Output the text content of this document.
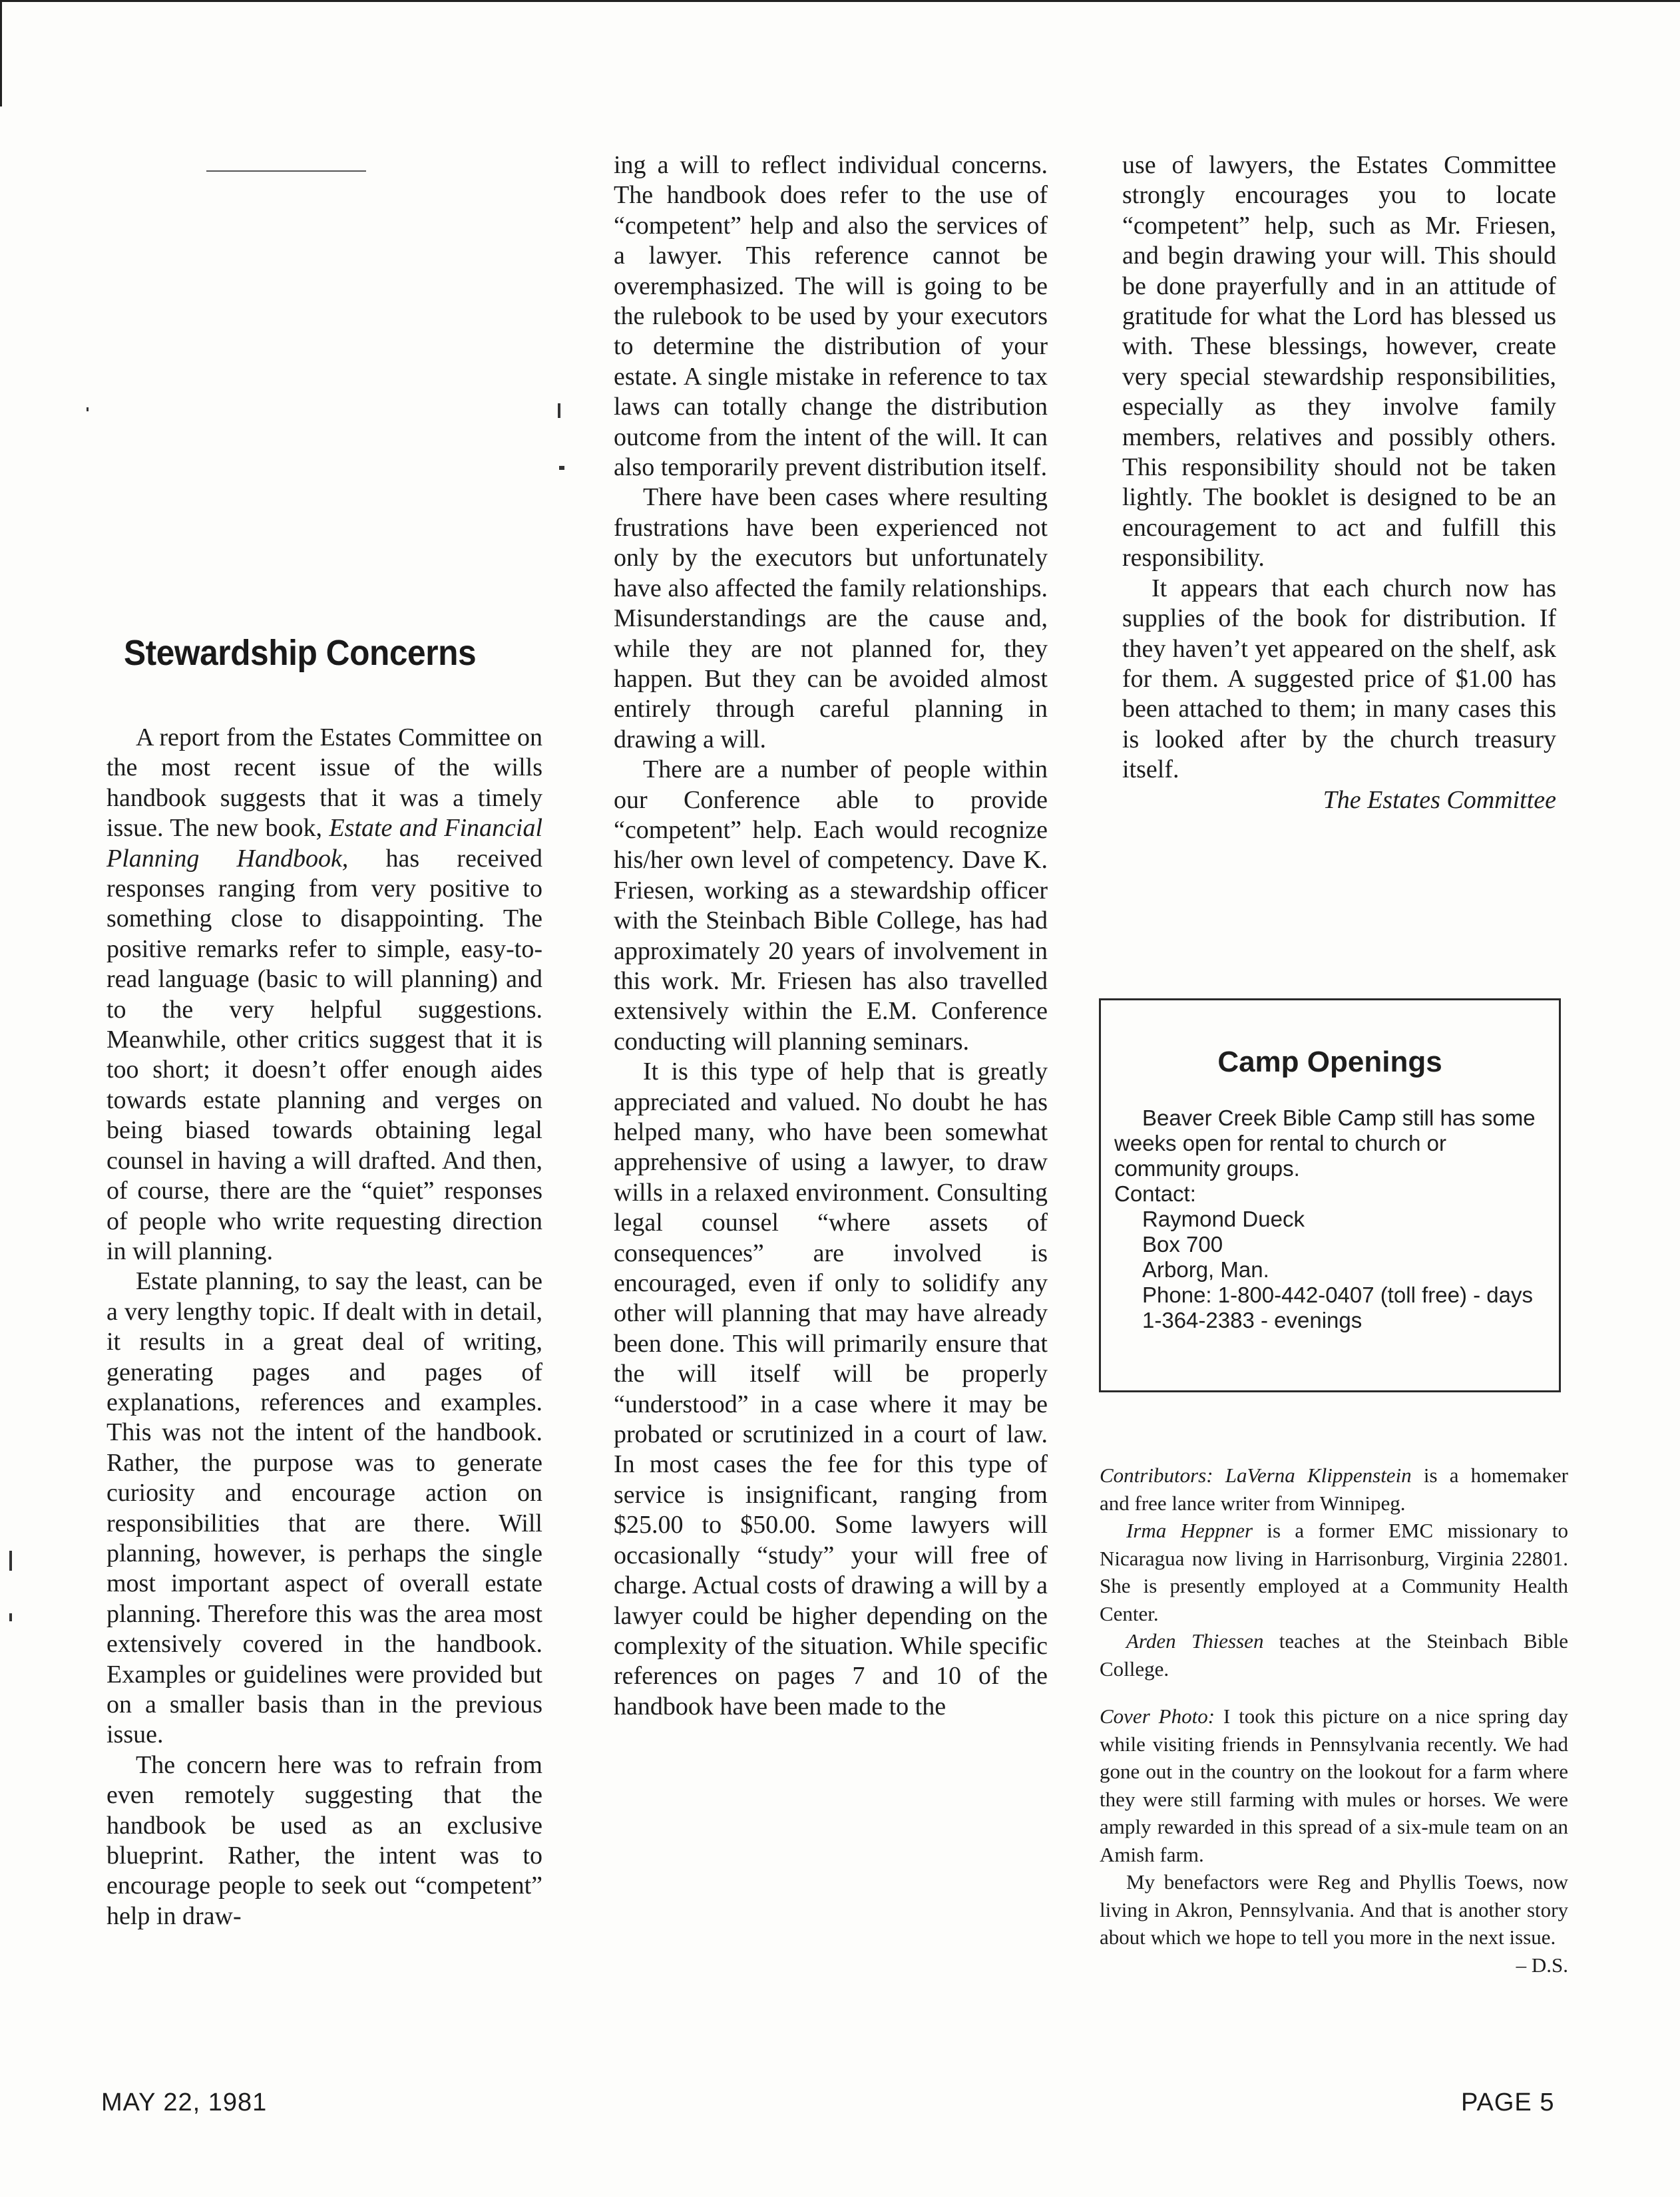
Stewardship Concerns

A report from the Estates Committee on the most recent issue of the wills handbook suggests that it was a timely issue. The new book, Estate and Financial Planning Handbook, has received responses ranging from very positive to something close to disappointing. The positive remarks refer to simple, easy-to-read language (basic to will planning) and to the very helpful suggestions. Meanwhile, other critics suggest that it is too short; it doesn’t offer enough aides towards estate planning and verges on being biased towards obtaining legal counsel in having a will drafted. And then, of course, there are the “quiet” responses of people who write requesting direction in will planning.

Estate planning, to say the least, can be a very lengthy topic. If dealt with in detail, it results in a great deal of writing, generating pages and pages of explanations, references and examples. This was not the intent of the handbook. Rather, the purpose was to generate curiosity and encourage action on responsibilities that are there. Will planning, however, is perhaps the single most important aspect of overall estate planning. Therefore this was the area most extensively covered in the handbook. Examples or guidelines were provided but on a smaller basis than in the previous issue.

The concern here was to refrain from even remotely suggesting that the handbook be used as an exclusive blueprint. Rather, the intent was to encourage people to seek out “competent” help in draw-

ing a will to reflect individual concerns. The handbook does refer to the use of “competent” help and also the services of a lawyer. This reference cannot be overemphasized. The will is going to be the rulebook to be used by your executors to determine the distribution of your estate. A single mistake in reference to tax laws can totally change the distribution outcome from the intent of the will. It can also temporarily prevent distribution itself.

There have been cases where resulting frustrations have been experienced not only by the executors but unfortunately have also affected the family relationships. Misunderstandings are the cause and, while they are not planned for, they happen. But they can be avoided almost entirely through careful planning in drawing a will.

There are a number of people within our Conference able to provide “competent” help. Each would recognize his/her own level of competency. Dave K. Friesen, working as a stewardship officer with the Steinbach Bible College, has had approximately 20 years of involvement in this work. Mr. Friesen has also travelled extensively within the E.M. Conference conducting will planning seminars.

It is this type of help that is greatly appreciated and valued. No doubt he has helped many, who have been somewhat apprehensive of using a lawyer, to draw wills in a relaxed environment. Consulting legal counsel “where assets of consequences” are involved is encouraged, even if only to solidify any other will planning that may have already been done. This will primarily ensure that the will itself will be properly “understood” in a case where it may be probated or scrutinized in a court of law. In most cases the fee for this type of service is insignificant, ranging from $25.00 to $50.00. Some lawyers will occasionally “study” your will free of charge. Actual costs of drawing a will by a lawyer could be higher depending on the complexity of the situation. While specific references on pages 7 and 10 of the handbook have been made to the

use of lawyers, the Estates Committee strongly encourages you to locate “competent” help, such as Mr. Friesen, and begin drawing your will. This should be done prayerfully and in an attitude of gratitude for what the Lord has blessed us with. These blessings, however, create very special stewardship responsibilities, especially as they involve family members, relatives and possibly others. This responsibility should not be taken lightly. The booklet is designed to be an encouragement to act and fulfill this responsibility.

It appears that each church now has supplies of the book for distribution. If they haven’t yet appeared on the shelf, ask for them. A suggested price of $1.00 has been attached to them; in many cases this is looked after by the church treasury itself.

The Estates Committee

Camp Openings
Beaver Creek Bible Camp still has some weeks open for rental to church or community groups.
Contact:
Raymond Dueck
Box 700
Arborg, Man.
Phone: 1-800-442-0407 (toll free) - days
1-364-2383 - evenings

Contributors: LaVerna Klippenstein is a homemaker and free lance writer from Winnipeg.

Irma Heppner is a former EMC missionary to Nicaragua now living in Harrisonburg, Virginia 22801. She is presently employed at a Community Health Center.

Arden Thiessen teaches at the Steinbach Bible College.

Cover Photo: I took this picture on a nice spring day while visiting friends in Pennsylvania recently. We had gone out in the country on the lookout for a farm where they were still farming with mules or horses. We were amply rewarded in this spread of a six-mule team on an Amish farm.

My benefactors were Reg and Phyllis Toews, now living in Akron, Pennsylvania. And that is another story about which we hope to tell you more in the next issue.

– D.S.

MAY 22, 1981	PAGE 5
